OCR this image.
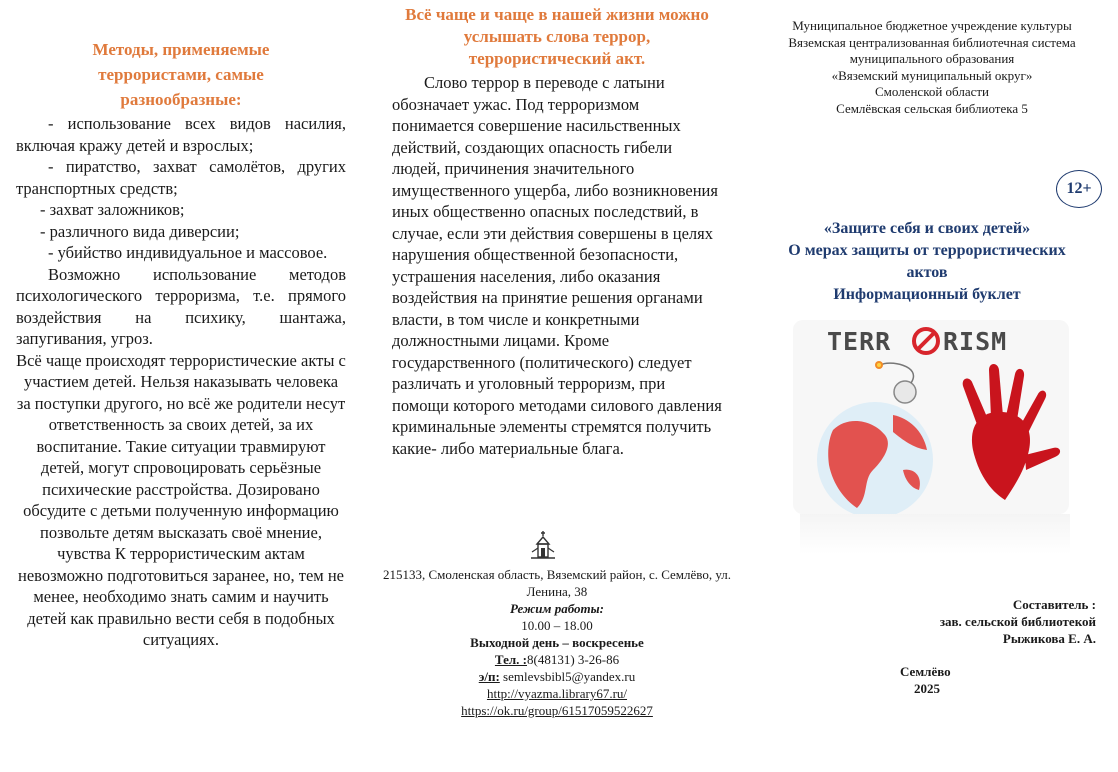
Методы, применяемые террористами, самые разнообразные:

- использование всех видов насилия, включая кражу детей и взрослых;

- пиратство, захват самолётов, других транспортных средств;

- захват заложников;

- различного вида диверсии;

- убийство индивидуальное и массовое.

Возможно использование методов психологического терроризма, т.е. прямого воздействия на психику, шантажа, запугивания, угроз.

Всё чаще происходят террористические акты с участием детей. Нельзя наказывать человека за поступки другого, но всё же родители несут ответственность за своих детей, за их воспитание. Такие ситуации травмируют детей, могут спровоцировать серьёзные психические расстройства. Дозировано обсудите с детьми полученную информацию позвольте детям высказать своё мнение, чувства К террористическим актам невозможно подготовиться заранее, но, тем не менее, необходимо знать самим и научить детей как правильно вести себя в подобных ситуациях.

Всё чаще и чаще в нашей жизни можно услышать слова террор, террористический акт.

Слово террор в переводе с латыни обозначает ужас. Под терроризмом понимается совершение насильственных действий, создающих опасность гибели людей, причинения значительного имущественного ущерба, либо возникновения иных общественно опасных последствий, в случае, если эти действия совершены в целях нарушения общественной безопасности, устрашения населения, либо оказания воздействия на принятие решения органами власти, в том числе и конкретными должностными лицами. Кроме государственного (политического) следует различать и уголовный терроризм, при помощи которого методами силового давления криминальные элементы стремятся получить какие- либо материальные блага.

215133, Смоленская область, Вяземский район, с. Семлёво, ул. Ленина, 38

Режим работы:

10.00 – 18.00

Выходной день – воскресенье

Тел. :8(48131) 3-26-86

э/п: semlevsbibl5@yandex.ru

http://vyazma.library67.ru/

https://ok.ru/group/61517059522627

Муниципальное бюджетное учреждение культуры

Вяземская централизованная библиотечная система

муниципального образования

«Вяземский муниципальный округ»

Смоленской области

Семлёвская сельская библиотека 5

«Защите себя и своих детей»

О мерах защиты от террористических актов

Информационный буклет

Составитель :

зав. сельской библиотекой

Рыжикова Е. А.

Семлёво

2025

12+
TERR RISM
